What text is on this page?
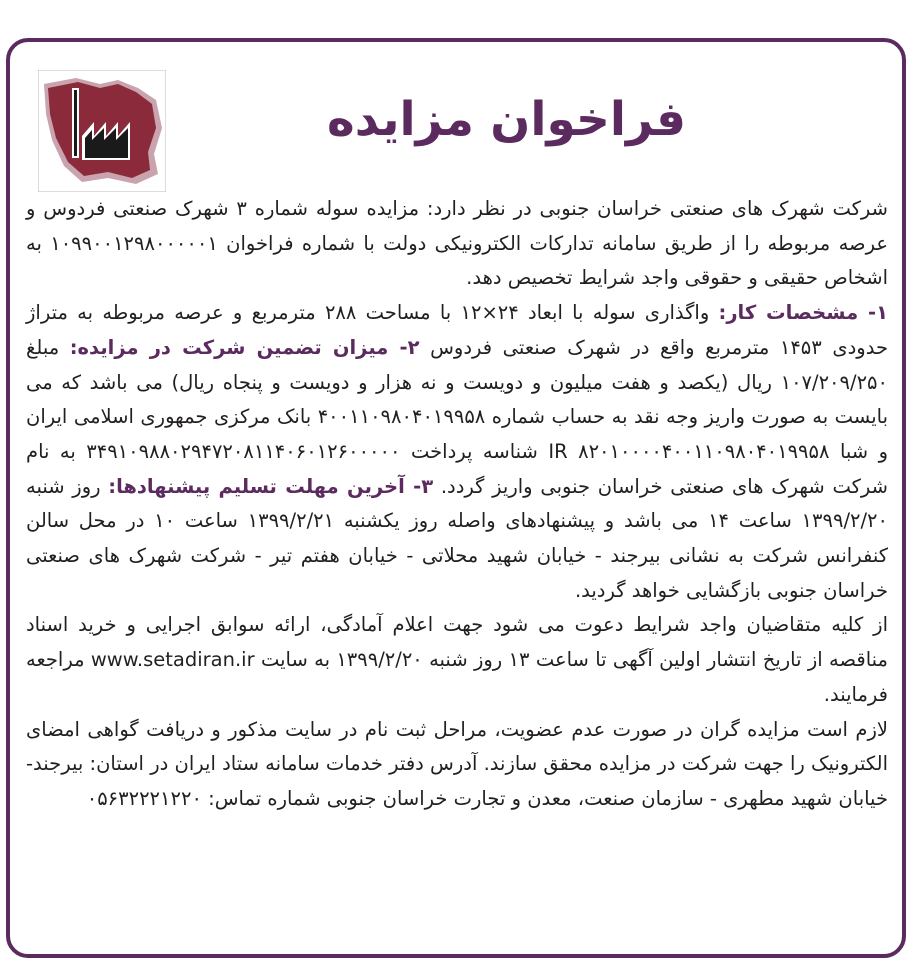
فراخوان مزایده

شرکت شهرک های صنعتی خراسان جنوبی در نظر دارد: مزایده سوله شماره ۳ شهرک صنعتی فردوس و عرصه مربوطه را از طریق سامانه تدارکات الکترونیکی دولت با شماره فراخوان ۱۰۹۹۰۰۱۲۹۸۰۰۰۰۰۱ به اشخاص حقیقی و حقوقی واجد شرایط تخصیص دهد.

۱- مشخصات کار: واگذاری سوله با ابعاد ۲۴×۱۲ با مساحت ۲۸۸ مترمربع و عرصه مربوطه به متراژ حدودی ۱۴۵۳ مترمربع واقع در شهرک صنعتی فردوس ۲- میزان تضمین شرکت در مزایده: مبلغ ۱۰۷/۲۰۹/۲۵۰ ریال (یکصد و هفت میلیون و دویست و نه هزار و دویست و پنجاه ریال) می باشد که می بایست به صورت واریز وجه نقد به حساب شماره ۴۰۰۱۱۰۹۸۰۴۰۱۹۹۵۸ بانک مرکزی جمهوری اسلامی ایران و شبا IR ۸۲۰۱۰۰۰۰۴۰۰۱۱۰۹۸۰۴۰۱۹۹۵۸ شناسه پرداخت ۳۴۹۱۰۹۸۸۰۲۹۴۷۲۰۸۱۱۴۰۶۰۱۲۶۰۰۰۰۰ به نام شرکت شهرک های صنعتی خراسان جنوبی واریز گردد. ۳- آخرین مهلت تسلیم پیشنهادها: روز شنبه ۱۳۹۹/۲/۲۰ ساعت ۱۴ می باشد و پیشنهادهای واصله روز یکشنبه ۱۳۹۹/۲/۲۱ ساعت ۱۰ در محل سالن کنفرانس شرکت به نشانی بیرجند - خیابان شهید محلاتی - خیابان هفتم تیر - شرکت شهرک های صنعتی خراسان جنوبی بازگشایی خواهد گردید.

از کلیه متقاضیان واجد شرایط دعوت می شود جهت اعلام آمادگی، ارائه سوابق اجرایی و خرید اسناد مناقصه از تاریخ انتشار اولین آگهی تا ساعت ۱۳ روز شنبه ۱۳۹۹/۲/۲۰ به سایت www.setadiran.ir مراجعه فرمایند.

لازم است مزایده گران در صورت عدم عضویت، مراحل ثبت نام در سایت مذکور و دریافت گواهی امضای الکترونیک را جهت شرکت در مزایده محقق سازند. آدرس دفتر خدمات سامانه ستاد ایران در استان: بیرجند- خیابان شهید مطهری - سازمان صنعت، معدن و تجارت خراسان جنوبی شماره تماس: ۰۵۶۳۲۲۲۱۲۲۰
